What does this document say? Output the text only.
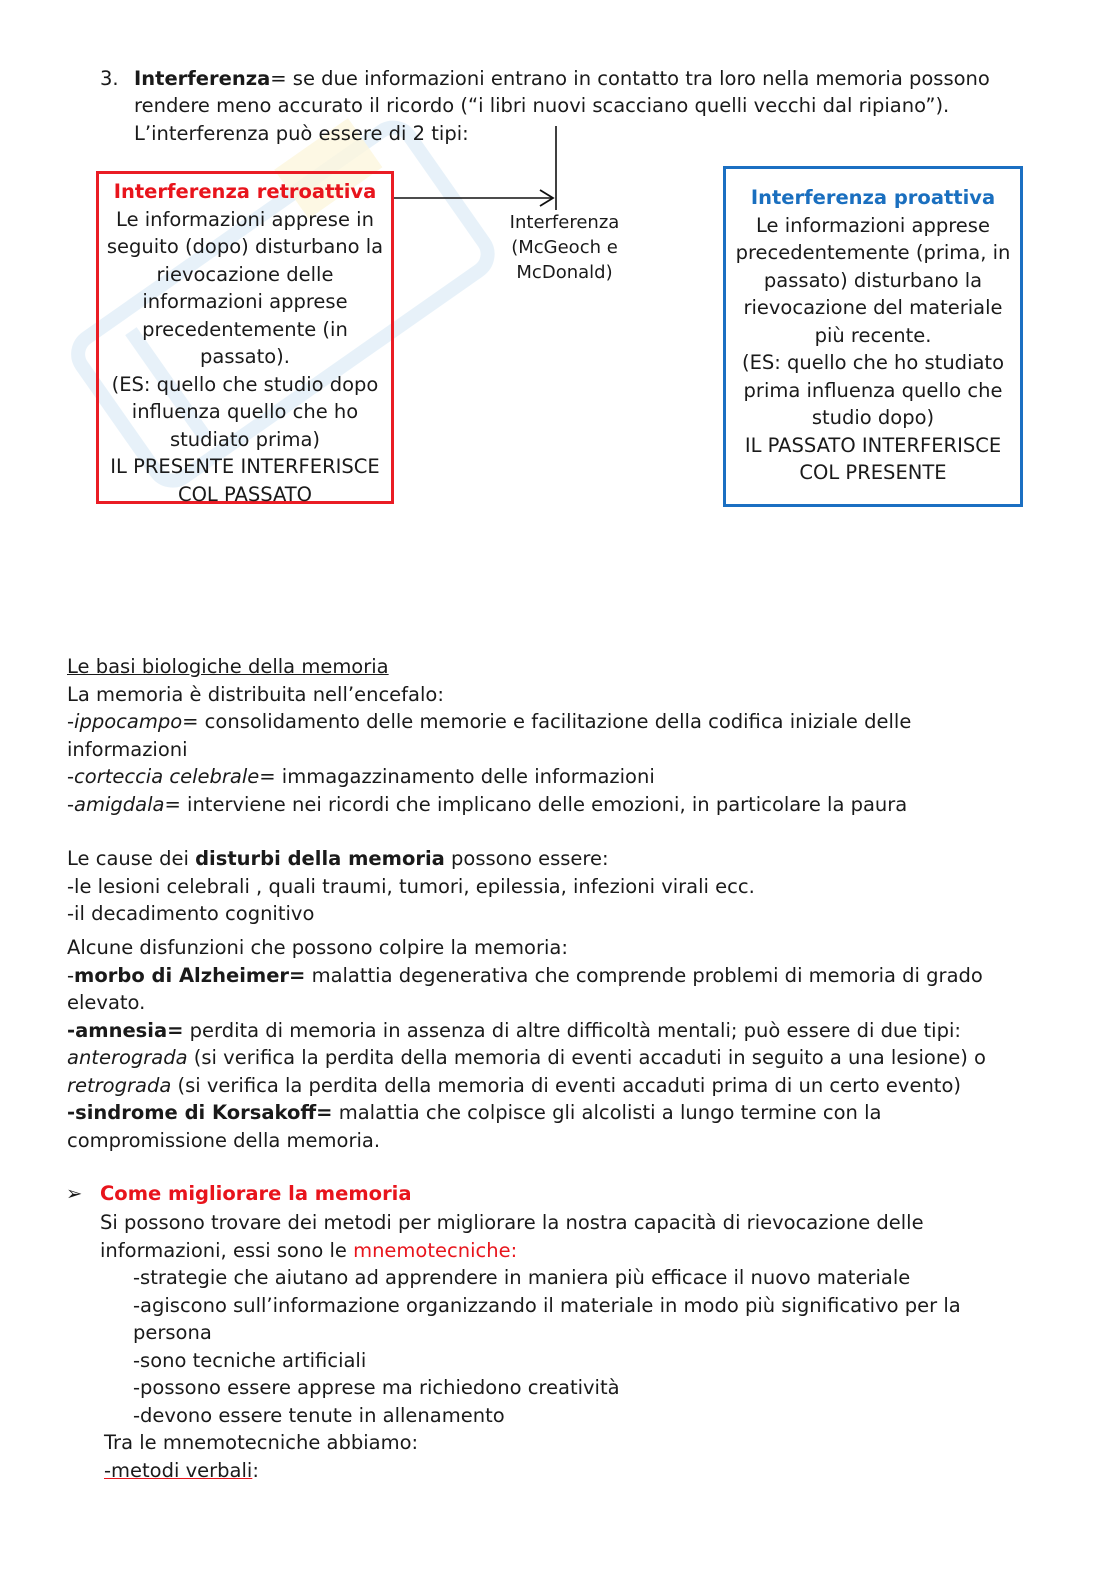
3. Interferenza= se due informazioni entrano in contatto tra loro nella memoria possono
rendere meno accurato il ricordo (“i libri nuovi scacciano quelli vecchi dal ripiano”).
L’interferenza può essere di 2 tipi:
Interferenza
(McGeoch e
McDonald)
Interferenza retroattiva
Le informazioni apprese in
seguito (dopo) disturbano la
rievocazione delle
informazioni apprese
precedentemente (in
passato).
(ES: quello che studio dopo
influenza quello che ho
studiato prima)
IL PRESENTE INTERFERISCE
COL PASSATO
Interferenza proattiva
Le informazioni apprese
precedentemente (prima, in
passato) disturbano la
rievocazione del materiale
più recente.
(ES: quello che ho studiato
prima influenza quello che
studio dopo)
IL PASSATO INTERFERISCE
COL PRESENTE
Le basi biologiche della memoria
La memoria è distribuita nell’encefalo:
-ippocampo= consolidamento delle memorie e facilitazione della codifica iniziale delle
informazioni
-corteccia celebrale= immagazzinamento delle informazioni
-amigdala= interviene nei ricordi che implicano delle emozioni, in particolare la paura
Le cause dei disturbi della memoria possono essere:
-le lesioni celebrali , quali traumi, tumori, epilessia, infezioni virali ecc.
-il decadimento cognitivo
Alcune disfunzioni che possono colpire la memoria:
-morbo di Alzheimer= malattia degenerativa che comprende problemi di memoria di grado
elevato.
-amnesia= perdita di memoria in assenza di altre difficoltà mentali; può essere di due tipi:
anterograda (si verifica la perdita della memoria di eventi accaduti in seguito a una lesione) o
retrograda (si verifica la perdita della memoria di eventi accaduti prima di un certo evento)
-sindrome di Korsakoff= malattia che colpisce gli alcolisti a lungo termine con la
compromissione della memoria.
➢ Come migliorare la memoria
Si possono trovare dei metodi per migliorare la nostra capacità di rievocazione delle
informazioni, essi sono le mnemotecniche:
-strategie che aiutano ad apprendere in maniera più efficace il nuovo materiale
-agiscono sull’informazione organizzando il materiale in modo più significativo per la
persona
-sono tecniche artificiali
-possono essere apprese ma richiedono creatività
-devono essere tenute in allenamento
Tra le mnemotecniche abbiamo:
-metodi verbali:
